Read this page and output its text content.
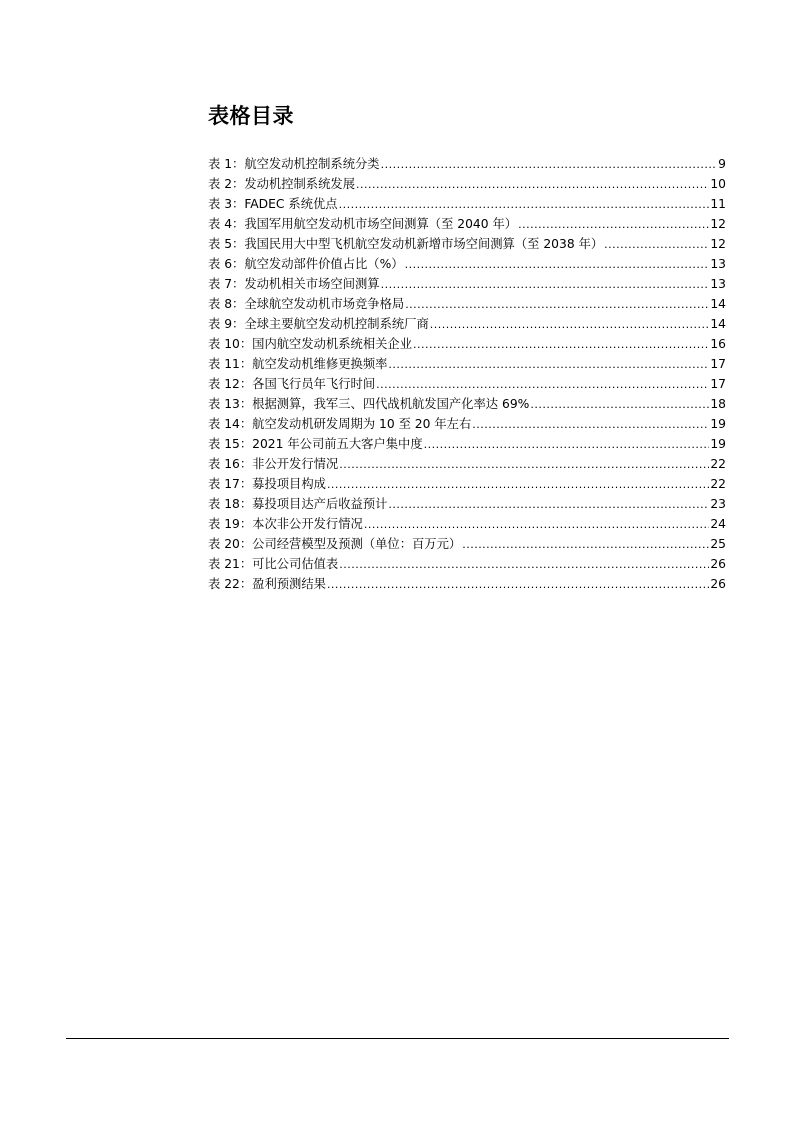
表格目录
表 1：航空发动机控制系统分类 .....	9
表 2：发动机控制系统发展 .....	10
表 3：FADEC 系统优点 .....	11
表 4：我国军用航空发动机市场空间测算（至 2040 年） .....	12
表 5：我国民用大中型飞机航空发动机新增市场空间测算（至 2038 年） .....	12
表 6：航空发动部件价值占比（%） .....	13
表 7：发动机相关市场空间测算 .....	13
表 8：全球航空发动机市场竞争格局 .....	14
表 9：全球主要航空发动机控制系统厂商 .....	14
表 10：国内航空发动机系统相关企业 .....	16
表 11：航空发动机维修更换频率 .....	17
表 12：各国飞行员年飞行时间 .....	17
表 13：根据测算，我军三、四代战机航发国产化率达 69% .....	18
表 14：航空发动机研发周期为 10 至 20 年左右 .....	19
表 15：2021 年公司前五大客户集中度 .....	19
表 16：非公开发行情况 .....	22
表 17：募投项目构成 .....	22
表 18：募投项目达产后收益预计 .....	23
表 19：本次非公开发行情况 .....	24
表 20：公司经营模型及预测（单位：百万元） .....	25
表 21：可比公司估值表 .....	26
表 22：盈利预测结果 .....	26
